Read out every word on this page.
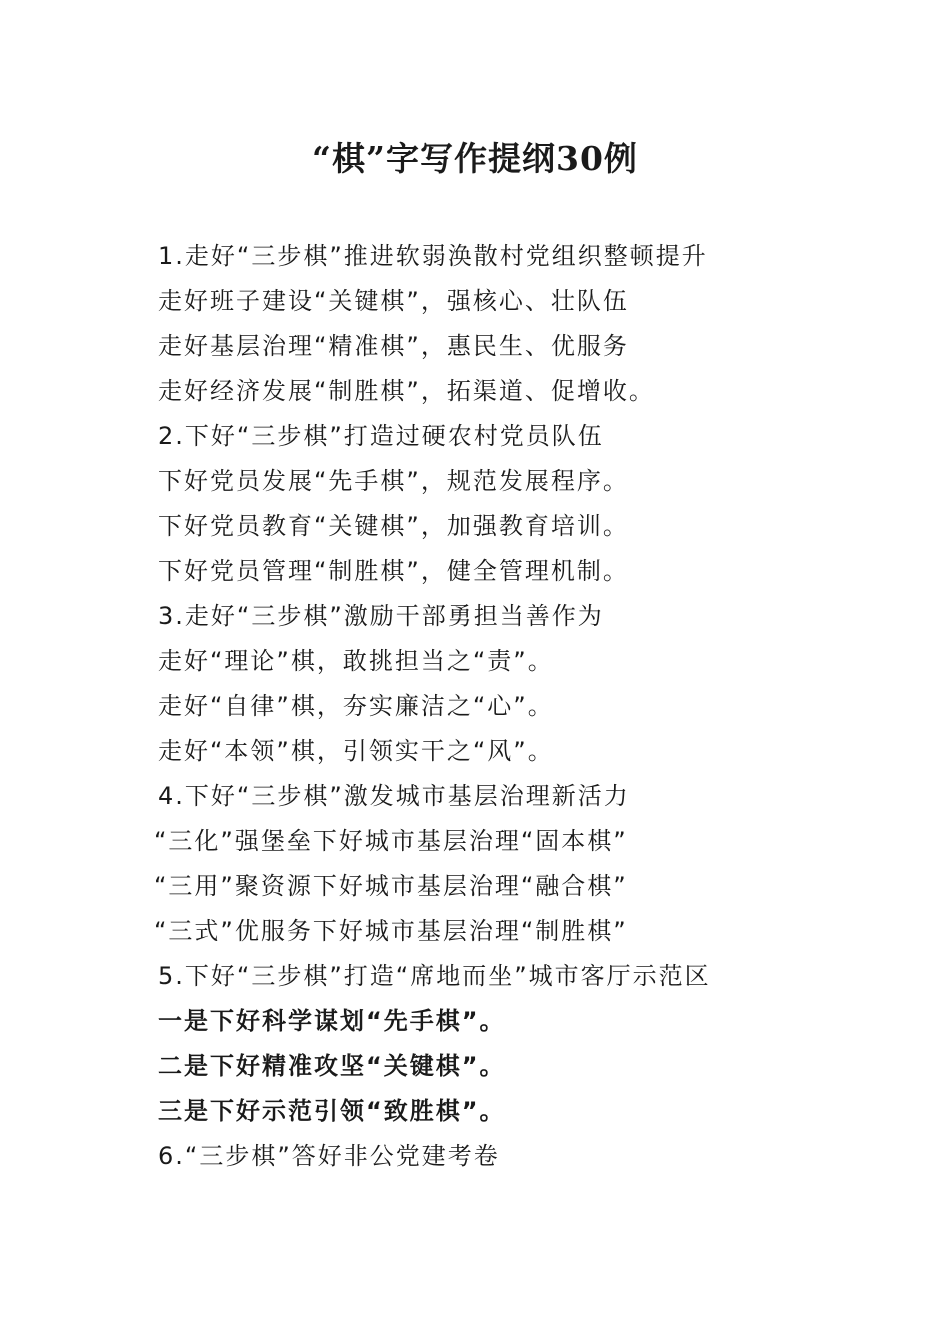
“棋”字写作提纲30例
1.走好“三步棋”推进软弱涣散村党组织整顿提升
走好班子建设“关键棋”，强核心、壮队伍
走好基层治理“精准棋”，惠民生、优服务
走好经济发展“制胜棋”，拓渠道、促增收。
2.下好“三步棋”打造过硬农村党员队伍
下好党员发展“先手棋”，规范发展程序。
下好党员教育“关键棋”，加强教育培训。
下好党员管理“制胜棋”，健全管理机制。
3.走好“三步棋”激励干部勇担当善作为
走好“理论”棋，敢挑担当之“责”。
走好“自律”棋，夯实廉洁之“心”。
走好“本领”棋，引领实干之“风”。
4.下好“三步棋”激发城市基层治理新活力
“三化”强堡垒下好城市基层治理“固本棋”
“三用”聚资源下好城市基层治理“融合棋”
“三式”优服务下好城市基层治理“制胜棋”
5.下好“三步棋”打造“席地而坐”城市客厅示范区
一是下好科学谋划“先手棋”。
二是下好精准攻坚“关键棋”。
三是下好示范引领“致胜棋”。
6.“三步棋”答好非公党建考卷
